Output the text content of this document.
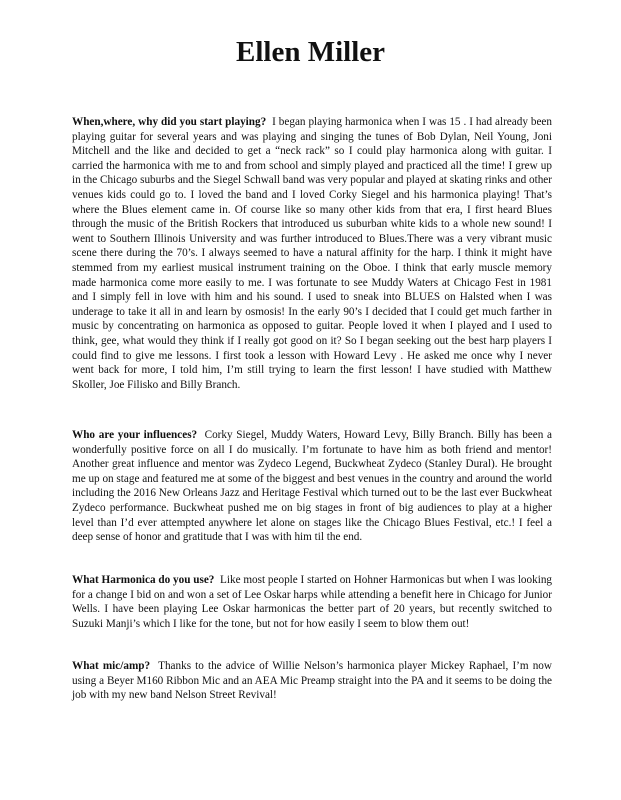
Ellen Miller

When,where, why did you start playing? I began playing harmonica when I was 15 . I had already been playing guitar for several years and was playing and singing the tunes of Bob Dylan, Neil Young, Joni Mitchell and the like and decided to get a “neck rack” so I could play harmonica along with guitar. I carried the harmonica with me to and from school and simply played and practiced all the time! I grew up in the Chicago suburbs and the Siegel Schwall band was very popular and played at skating rinks and other venues kids could go to. I loved the band and I loved Corky Siegel and his harmonica playing! That’s where the Blues element came in. Of course like so many other kids from that era, I first heard Blues through the music of the British Rockers that introduced us suburban white kids to a whole new sound! I went to Southern Illinois University and was further introduced to Blues.There was a very vibrant music scene there during the 70’s. I always seemed to have a natural affinity for the harp. I think it might have stemmed from my earliest musical instrument training on the Oboe. I think that early muscle memory made harmonica come more easily to me. I was fortunate to see Muddy Waters at Chicago Fest in 1981 and I simply fell in love with him and his sound. I used to sneak into BLUES on Halsted when I was underage to take it all in and learn by osmosis! In the early 90’s I decided that I could get much farther in music by concentrating on harmonica as opposed to guitar. People loved it when I played and I used to think, gee, what would they think if I really got good on it? So I began seeking out the best harp players I could find to give me lessons. I first took a lesson with Howard Levy . He asked me once why I never went back for more, I told him, I’m still trying to learn the first lesson! I have studied with Matthew Skoller, Joe Filisko and Billy Branch.

Who are your influences? Corky Siegel, Muddy Waters, Howard Levy, Billy Branch. Billy has been a wonderfully positive force on all I do musically. I’m fortunate to have him as both friend and mentor! Another great influence and mentor was Zydeco Legend, Buckwheat Zydeco (Stanley Dural). He brought me up on stage and featured me at some of the biggest and best venues in the country and around the world including the 2016 New Orleans Jazz and Heritage Festival which turned out to be the last ever Buckwheat Zydeco performance. Buckwheat pushed me on big stages in front of big audiences to play at a higher level than I’d ever attempted anywhere let alone on stages like the Chicago Blues Festival, etc.! I feel a deep sense of honor and gratitude that I was with him til the end.

What Harmonica do you use? Like most people I started on Hohner Harmonicas but when I was looking for a change I bid on and won a set of Lee Oskar harps while attending a benefit here in Chicago for Junior Wells. I have been playing Lee Oskar harmonicas the better part of 20 years, but recently switched to Suzuki Manji’s which I like for the tone, but not for how easily I seem to blow them out!

What mic/amp? Thanks to the advice of Willie Nelson’s harmonica player Mickey Raphael, I’m now using a Beyer M160 Ribbon Mic and an AEA Mic Preamp straight into the PA and it seems to be doing the job with my new band Nelson Street Revival!
